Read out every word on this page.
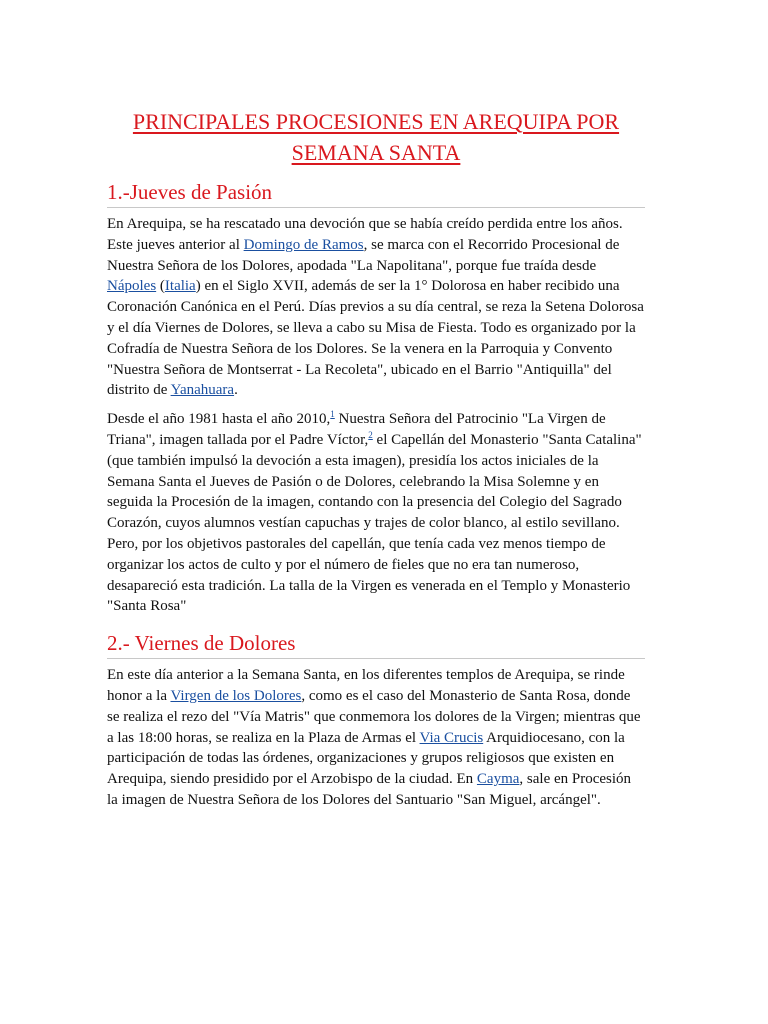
PRINCIPALES PROCESIONES EN AREQUIPA POR
SEMANA SANTA
1.-Jueves de Pasión

En Arequipa, se ha rescatado una devoción que se había creído perdida entre los años. Este jueves anterior al Domingo de Ramos, se marca con el Recorrido Procesional de Nuestra Señora de los Dolores, apodada "La Napolitana", porque fue traída desde Nápoles (Italia) en el Siglo XVII, además de ser la 1° Dolorosa en haber recibido una Coronación Canónica en el Perú. Días previos a su día central, se reza la Setena Dolorosa y el día Viernes de Dolores, se lleva a cabo su Misa de Fiesta. Todo es organizado por la Cofradía de Nuestra Señora de los Dolores. Se la venera en la Parroquia y Convento "Nuestra Señora de Montserrat - La Recoleta", ubicado en el Barrio "Antiquilla" del distrito de Yanahuara.

Desde el año 1981 hasta el año 2010,$^1$ Nuestra Señora del Patrocinio "La Virgen de Triana", imagen tallada por el Padre Víctor,$^2$ el Capellán del Monasterio "Santa Catalina" (que también impulsó la devoción a esta imagen), presidía los actos iniciales de la Semana Santa el Jueves de Pasión o de Dolores, celebrando la Misa Solemne y en seguida la Procesión de la imagen, contando con la presencia del Colegio del Sagrado Corazón, cuyos alumnos vestían capuchas y trajes de color blanco, al estilo sevillano. Pero, por los objetivos pastorales del capellán, que tenía cada vez menos tiempo de organizar los actos de culto y por el número de fieles que no era tan numeroso, desapareció esta tradición. La talla de la Virgen es venerada en el Templo y Monasterio "Santa Rosa"

2.- Viernes de Dolores

En este día anterior a la Semana Santa, en los diferentes templos de Arequipa, se rinde honor a la Virgen de los Dolores, como es el caso del Monasterio de Santa Rosa, donde se realiza el rezo del "Vía Matris" que conmemora los dolores de la Virgen; mientras que a las 18:00 horas, se realiza en la Plaza de Armas el Via Crucis Arquidiocesano, con la participación de todas las órdenes, organizaciones y grupos religiosos que existen en Arequipa, siendo presidido por el Arzobispo de la ciudad. En Cayma, sale en Procesión la imagen de Nuestra Señora de los Dolores del Santuario "San Miguel, arcángel".
